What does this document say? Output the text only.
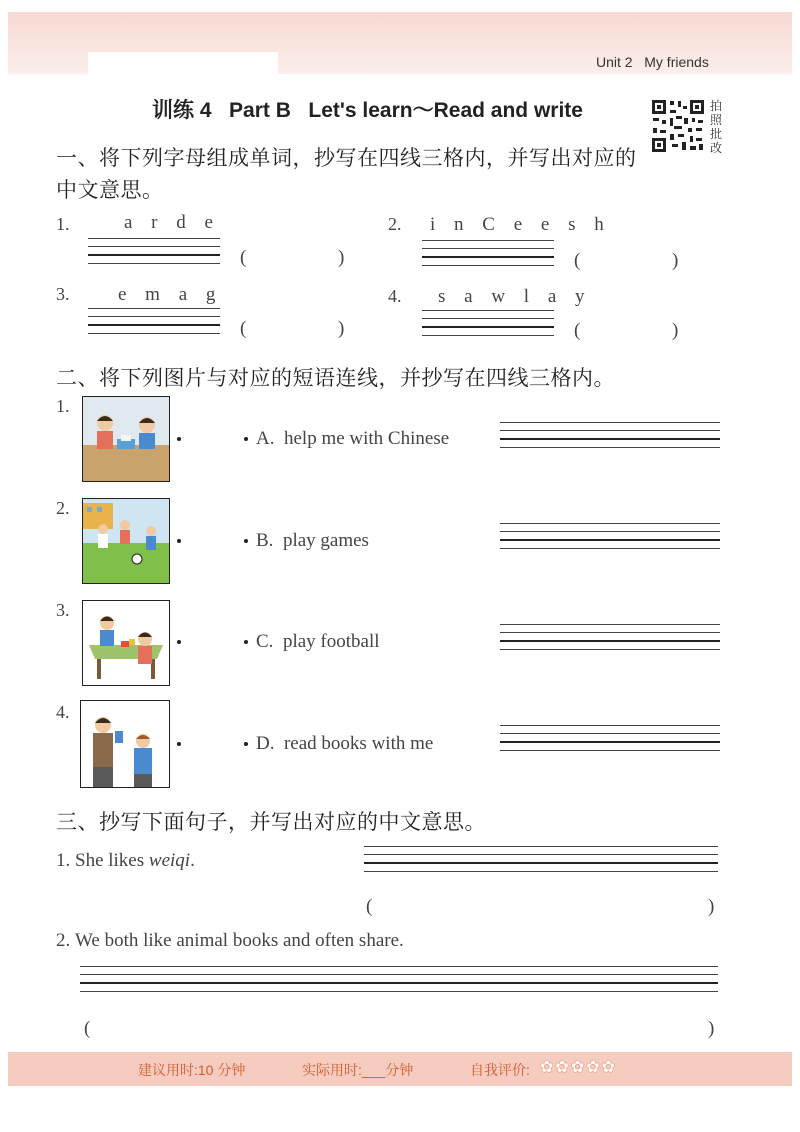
Unit 2 My friends
训练 4 Part B Let's learn～Read and write	拍
照
批
改
一、将下列字母组成单词，抄写在四线三格内，并写出对应的
中文意思。
1.	a r d e
(	)
2. i n C e e s h
(	)
3.	e m a g
(	)
4. s a w l a y
(	)
二、将下列图片与对应的短语连线，并抄写在四线三格内。
1.
A. help me with Chinese
2.
B. play games
3.
C. play football
4.
D. read books with me
三、抄写下面句子，并写出对应的中文意思。
1. She likes weiqi.
(	)
2. We both like animal books and often share.
(	)
建议用时:10 分钟	实际用时:___分钟	自我评价: ✿✿✿✿✿
